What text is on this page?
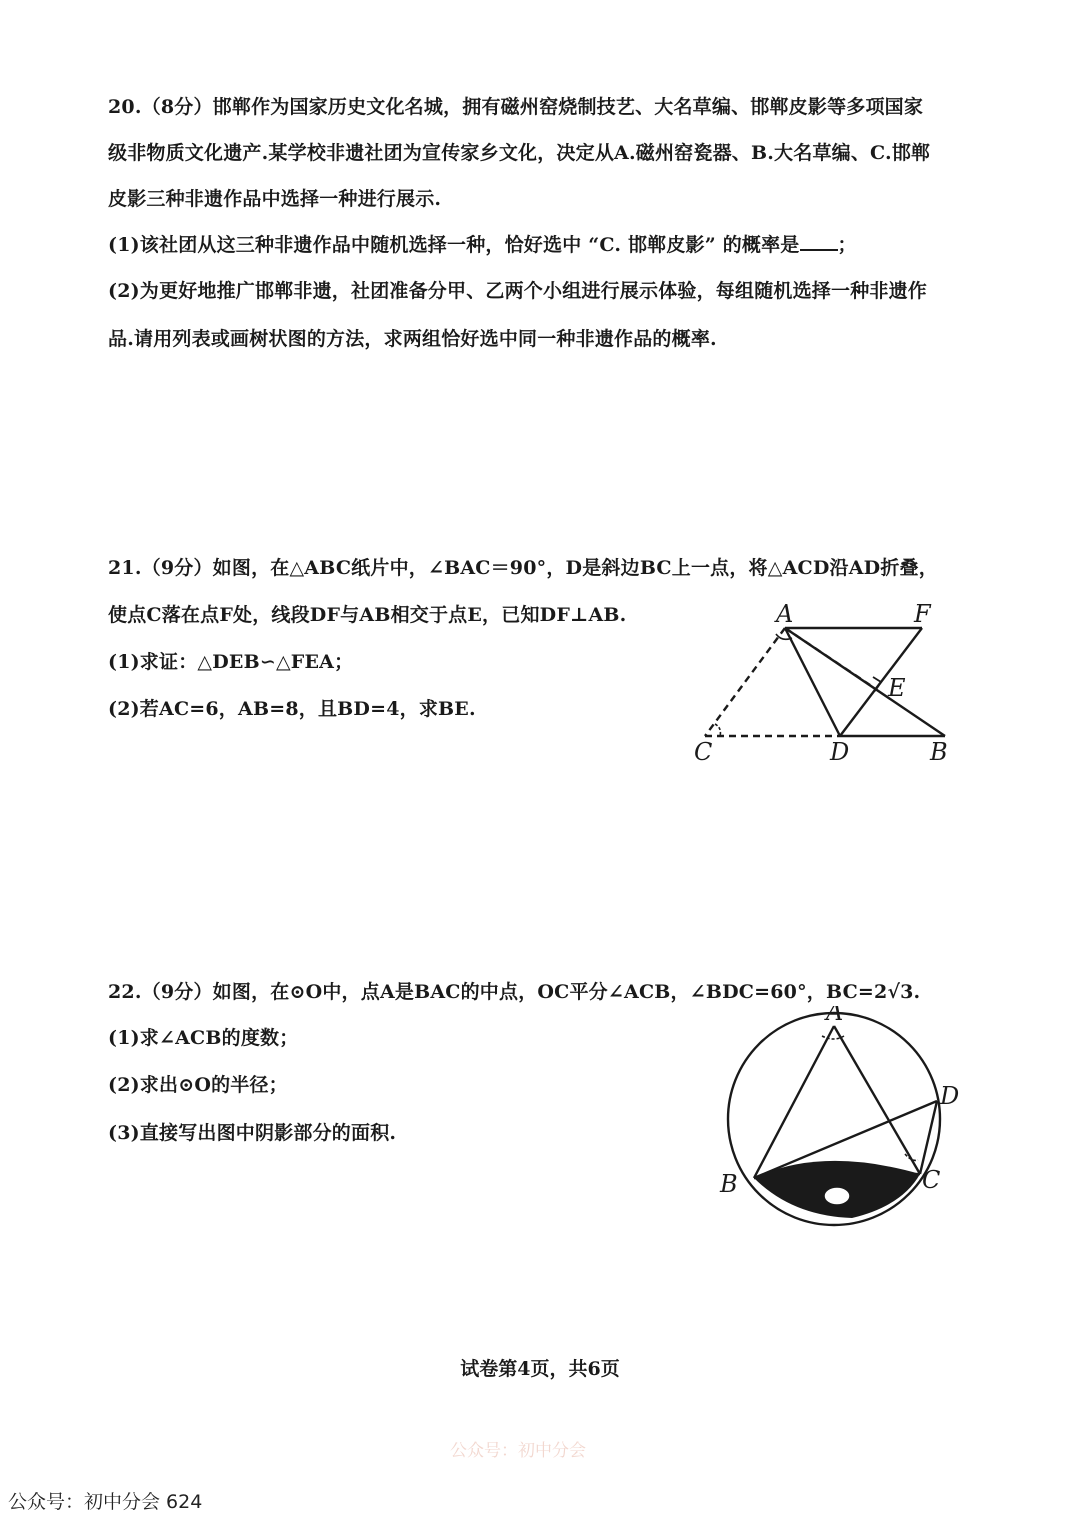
20.（8分）邯郸作为国家历史文化名城，拥有磁州窑烧制技艺、大名草编、邯郸皮影等多项国家
级非物质文化遗产.某学校非遗社团为宣传家乡文化，决定从A.磁州窑瓷器、B.大名草编、C.邯郸
皮影三种非遗作品中选择一种进行展示.
(1)该社团从这三种非遗作品中随机选择一种，恰好选中 “C. 邯郸皮影” 的概率是 ；
(2)为更好地推广邯郸非遗，社团准备分甲、乙两个小组进行展示体验，每组随机选择一种非遗作
品.请用列表或画树状图的方法，求两组恰好选中同一种非遗作品的概率.
21.（9分）如图，在△ABC纸片中，∠BAC＝90°，D是斜边BC上一点，将△ACD沿AD折叠，
使点C落在点F处，线段DF与AB相交于点E，已知DF⊥AB.
(1)求证：△DEB∽△FEA；
(2)若AC=6，AB=8，且BD=4，求BE.
A	F
E
C	D	B
22.（9分）如图，在⊙O中，点A是BAC的中点，OC平分∠ACB，∠BDC=60°，BC=2√3.
(1)求∠ACB的度数；
(2)求出⊙O的半径；
(3)直接写出图中阴影部分的面积.
A
D
B	C
试卷第4页，共6页
公众号：初中分会
公众号：初中分会 624
